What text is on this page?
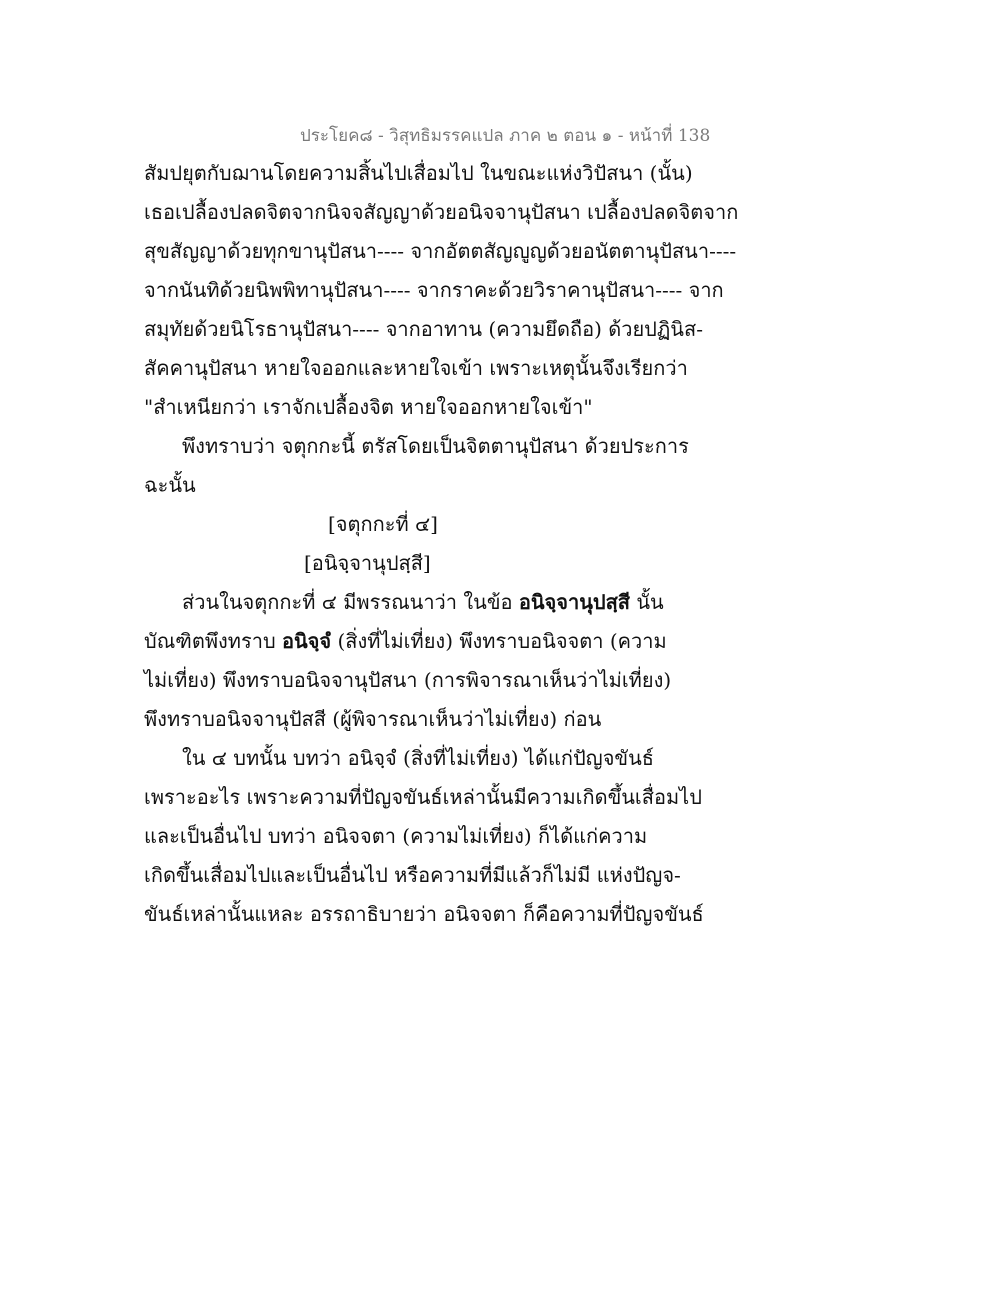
ประโยค๘ - วิสุทธิมรรคแปล ภาค ๒ ตอน ๑ - หน้าที่ 138
สัมปยุตกับฌานโดยความสิ้นไปเสื่อมไป ในขณะแห่งวิปัสนา (นั้น)
เธอเปลื้องปลดจิตจากนิจจสัญญาด้วยอนิจจานุปัสนา เปลื้องปลดจิตจาก
สุขสัญญาด้วยทุกขานุปัสนา---- จากอัตตสัญญูญด้วยอนัตตานุปัสนา----
จากนันทิด้วยนิพพิทานุปัสนา---- จากราคะด้วยวิราคานุปัสนา---- จาก
สมุทัยด้วยนิโรธานุปัสนา---- จากอาทาน (ความยึดถือ) ด้วยปฏินิส-
สัคคานุปัสนา หายใจออกและหายใจเข้า เพราะเหตุนั้นจึงเรียกว่า
"สำเหนียกว่า เราจักเปลื้องจิต หายใจออกหายใจเข้า"
พึงทราบว่า จตุกกะนี้ ตรัสโดยเป็นจิตตานุปัสนา ด้วยประการ
ฉะนั้น
[จตุกกะที่ ๔]
[อนิจฺจานุปสฺสี]
ส่วนในจตุกกะที่ ๔ มีพรรณนาว่า ในข้อ อนิจฺจานุปสฺสี นั้น
บัณฑิตพึงทราบ อนิจฺจํ (สิ่งที่ไม่เที่ยง) พึงทราบอนิจจตา (ความ
ไม่เที่ยง) พึงทราบอนิจจานุปัสนา (การพิจารณาเห็นว่าไม่เที่ยง)
พึงทราบอนิจจานุปัสสี (ผู้พิจารณาเห็นว่าไม่เที่ยง) ก่อน
ใน ๔ บทนั้น บทว่า อนิจฺจํ (สิ่งที่ไม่เที่ยง) ได้แก่ปัญจขันธ์
เพราะอะไร เพราะความที่ปัญจขันธ์เหล่านั้นมีความเกิดขึ้นเสื่อมไป
และเป็นอื่นไป บทว่า อนิจจตา (ความไม่เที่ยง) ก็ได้แก่ความ
เกิดขึ้นเสื่อมไปและเป็นอื่นไป หรือความที่มีแล้วก็ไม่มี แห่งปัญจ-
ขันธ์เหล่านั้นแหละ อรรถาธิบายว่า อนิจจตา ก็คือความที่ปัญจขันธ์
